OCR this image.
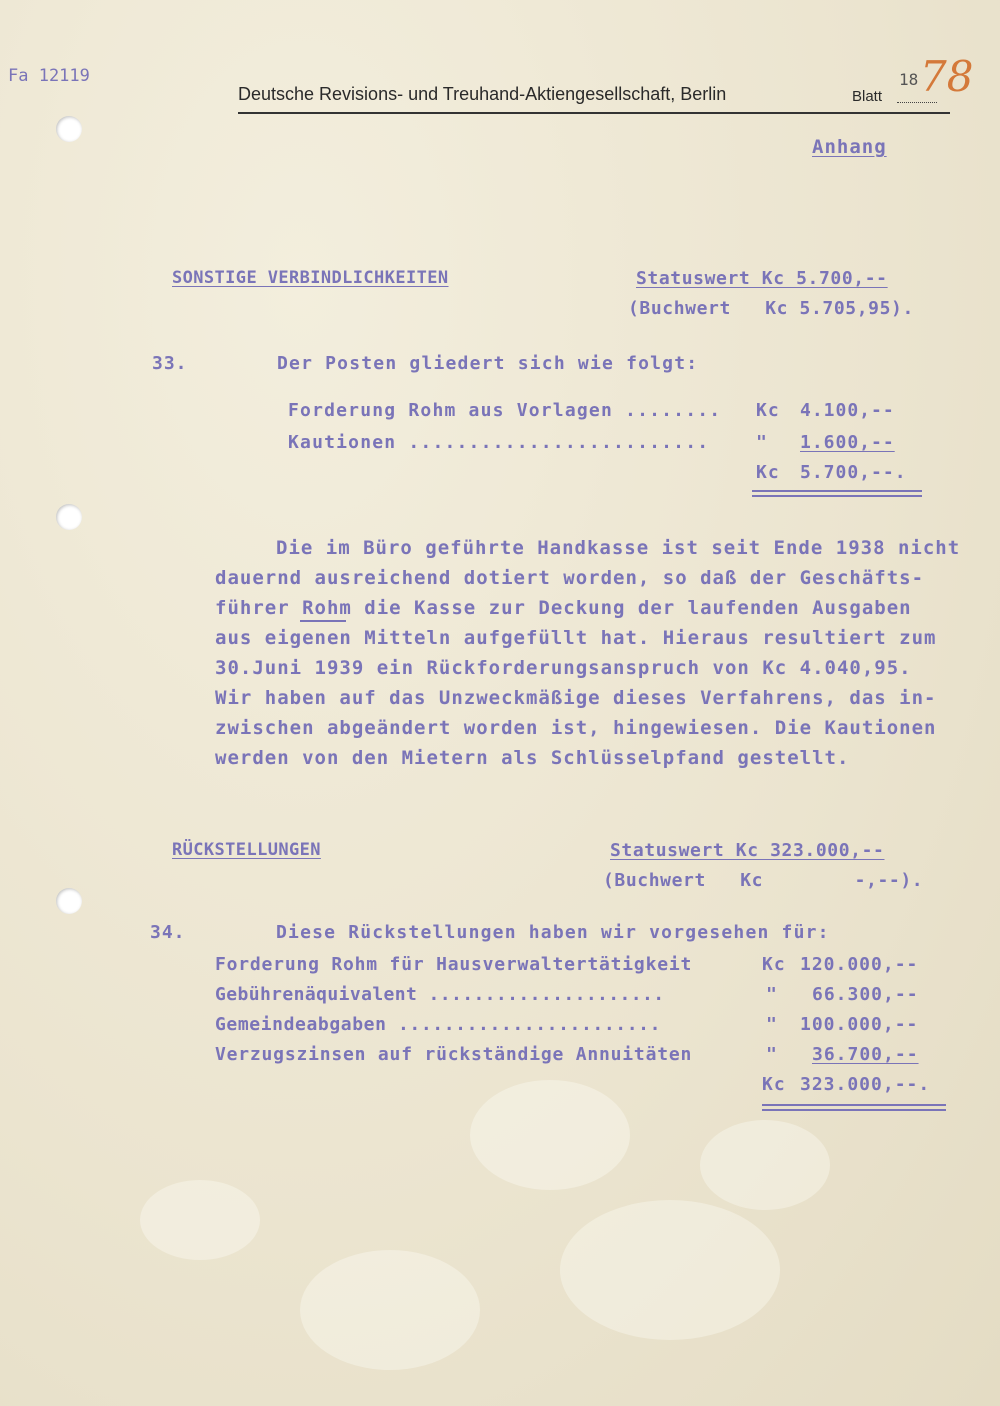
Fa 12119

Deutsche Revisions- und Treuhand-Aktiengesellschaft, Berlin	Blatt

18 78

Anhang

SONSTIGE VERBINDLICHKEITEN	Statuswert Kc 5.700,--

(Buchwert   Kc 5.705,95).

33.	Der Posten gliedert sich wie folgt:

Forderung Rohm aus Vorlagen ........ Kc 4.100,--

Kautionen .........................	" 1.600,--

Kc 5.700,--.

Die im Büro geführte Handkasse ist seit Ende 1938 nicht

dauernd ausreichend dotiert worden, so daß der Geschäfts-

führer Rohm die Kasse zur Deckung der laufenden Ausgaben

aus eigenen Mitteln aufgefüllt hat. Hieraus resultiert zum

30.Juni 1939 ein Rückforderungsanspruch von Kc 4.040,95.

Wir haben auf das Unzweckmäßige dieses Verfahrens, das in-

zwischen abgeändert worden ist, hingewiesen. Die Kautionen

werden von den Mietern als Schlüsselpfand gestellt.

RÜCKSTELLUNGEN	Statuswert Kc 323.000,--

(Buchwert   Kc        -,--).

34.	Diese Rückstellungen haben wir vorgesehen für:

Forderung Rohm für Hausverwaltertätigkeit	Kc 120.000,--

Gebührenäquivalent .....................	" 66.300,--

Gemeindeabgaben .......................	" 100.000,--

Verzugszinsen auf rückständige Annuitäten	" 36.700,--

Kc 323.000,--.
